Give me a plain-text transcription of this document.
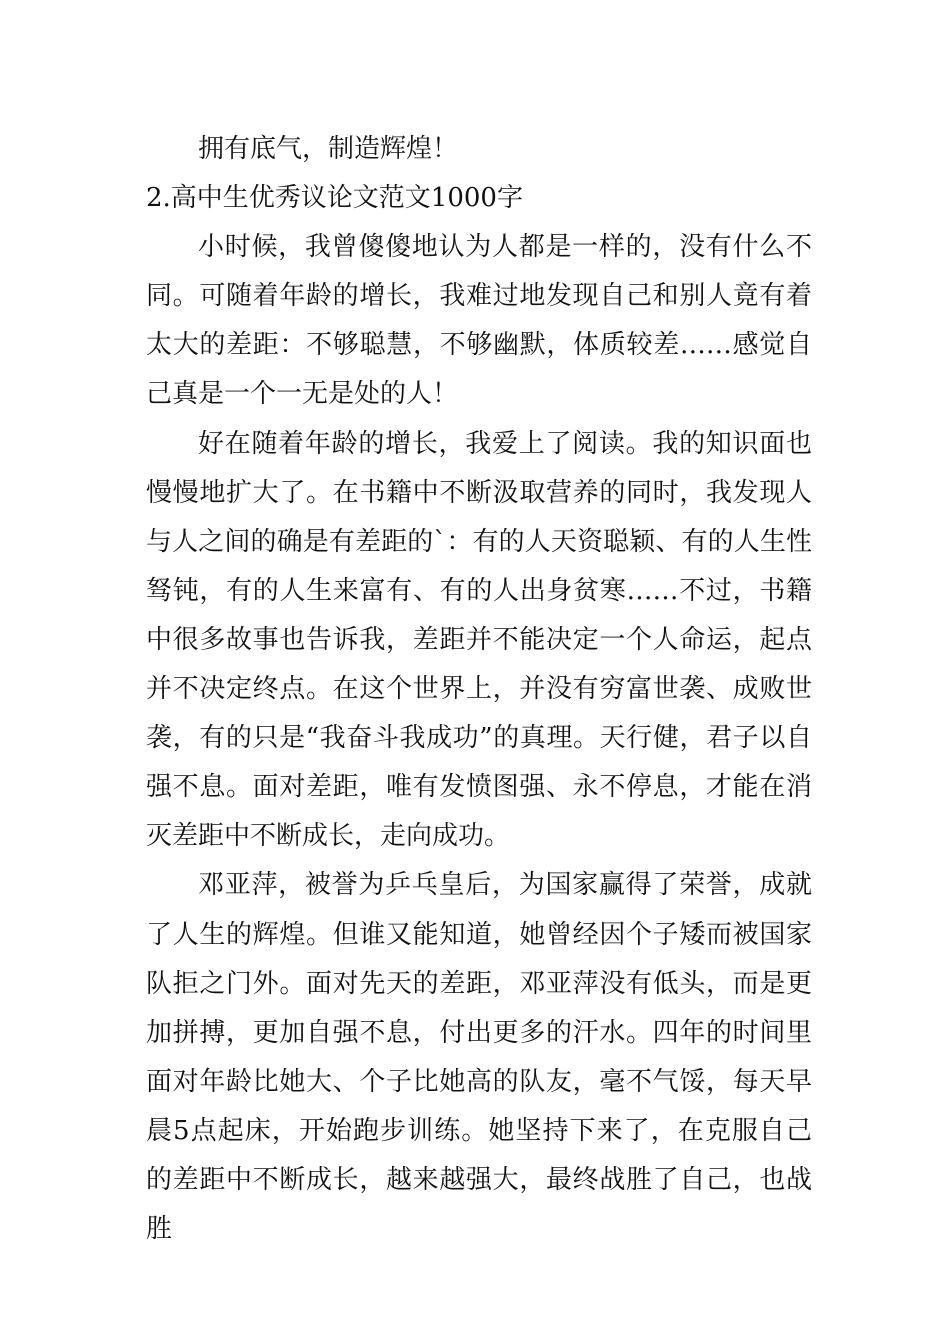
拥有底气，制造辉煌！

2.高中生优秀议论文范文1000字

小时候，我曾傻傻地认为人都是一样的，没有什么不同。可随着年龄的增长，我难过地发现自己和别人竟有着太大的差距：不够聪慧，不够幽默，体质较差……感觉自己真是一个一无是处的人！

好在随着年龄的增长，我爱上了阅读。我的知识面也慢慢地扩大了。在书籍中不断汲取营养的同时，我发现人与人之间的确是有差距的`：有的人天资聪颖、有的人生性驽钝，有的人生来富有、有的人出身贫寒……不过，书籍中很多故事也告诉我，差距并不能决定一个人命运，起点并不决定终点。在这个世界上，并没有穷富世袭、成败世袭，有的只是“我奋斗我成功”的真理。天行健，君子以自强不息。面对差距，唯有发愤图强、永不停息，才能在消灭差距中不断成长，走向成功。

邓亚萍，被誉为乒乓皇后，为国家赢得了荣誉，成就了人生的辉煌。但谁又能知道，她曾经因个子矮而被国家队拒之门外。面对先天的差距，邓亚萍没有低头，而是更加拼搏，更加自强不息，付出更多的汗水。四年的时间里面对年龄比她大、个子比她高的队友，毫不气馁，每天早晨5点起床，开始跑步训练。她坚持下来了，在克服自己的差距中不断成长，越来越强大，最终战胜了自己，也战胜
